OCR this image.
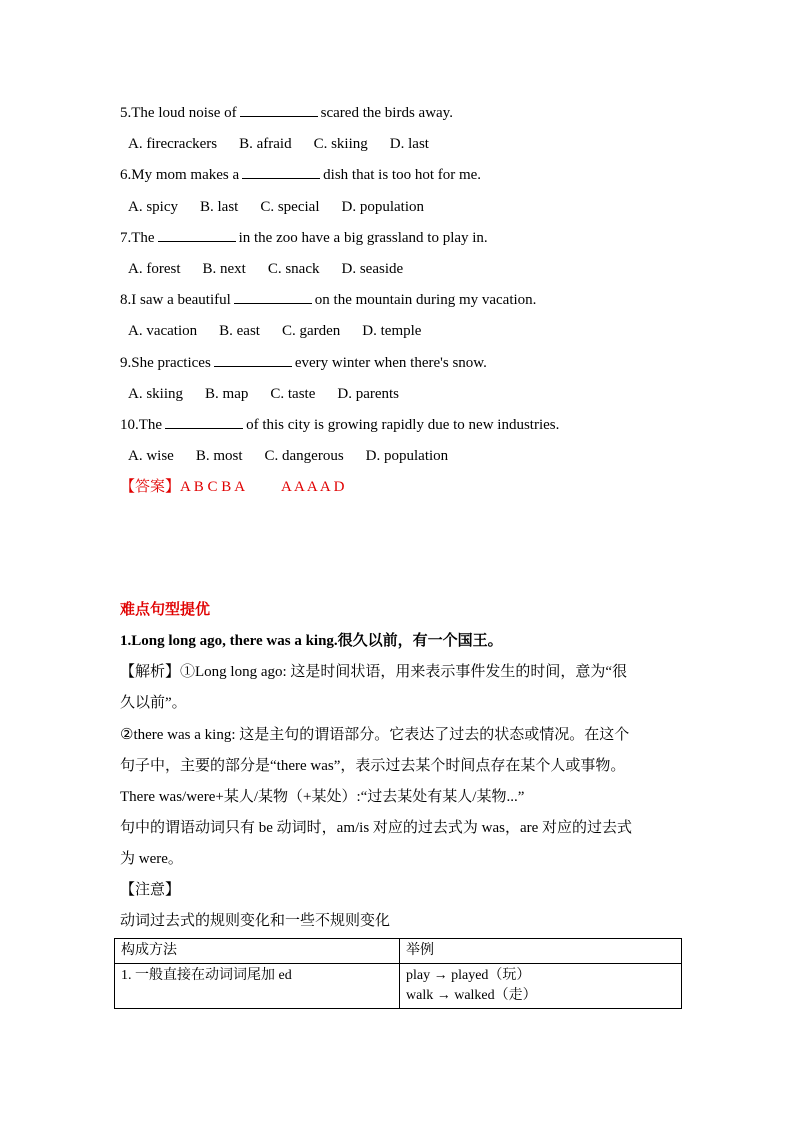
5.The loud noise of	scared the birds away.
A. firecrackers B. afraid C. skiing D. last
6.My mom makes a	dish that is too hot for me.
A. spicy B. last C. special D. population
7.The	in the zoo have a big grassland to play in.
A. forest B. next C. snack D. seaside
8.I saw a beautiful	on the mountain during my vacation.
A. vacation B. east C. garden D. temple
9.She practices	every winter when there's snow.
A. skiing B. map C. taste D. parents
10.The	of this city is growing rapidly due to new industries.
A. wise B. most C. dangerous D. population
【答案】A B C B A A A A A D
难点句型提优
1.Long long ago, there was a king.很久以前，有一个国王。
【解析】①Long long ago: 这是时间状语，用来表示事件发生的时间，意为“很
久以前”。
②there was a king: 这是主句的谓语部分。它表达了过去的状态或情况。在这个
句子中，主要的部分是“there was”，表示过去某个时间点存在某个人或事物。
There was/were+某人/某物（+某处）:“过去某处有某人/某物...”
句中的谓语动词只有 be 动词时，am/is 对应的过去式为 was，are 对应的过去式
为 were。
【注意】
动词过去式的规则变化和一些不规则变化
构成方法	举例
1. 一般直接在动词词尾加 ed	play → played（玩）
walk → walked（走）
